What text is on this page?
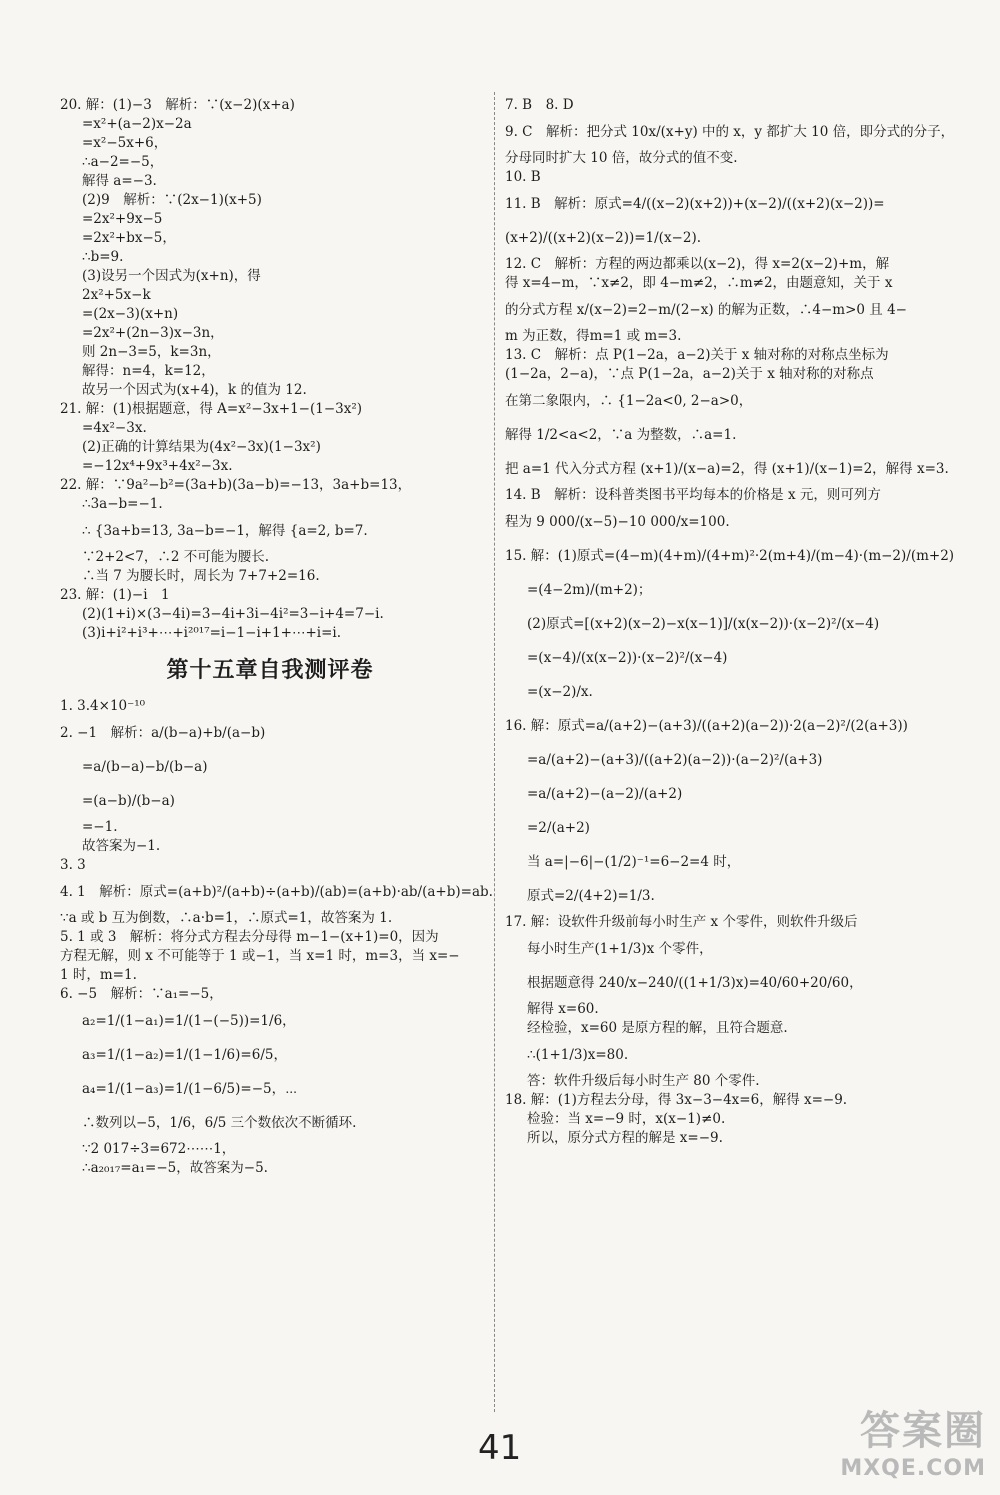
20. 解：(1)−3　解析：∵(x−2)(x+a)
=x²+(a−2)x−2a
=x²−5x+6，
∴a−2=−5，
解得 a=−3.
(2)9　解析：∵(2x−1)(x+5)
=2x²+9x−5
=2x²+bx−5，
∴b=9.
(3)设另一个因式为(x+n)，得
2x²+5x−k
=(2x−3)(x+n)
=2x²+(2n−3)x−3n，
则 2n−3=5，k=3n，
解得：n=4，k=12，
故另一个因式为(x+4)，k 的值为 12.
21. 解：(1)根据题意，得 A=x²−3x+1−(1−3x²)
=4x²−3x.
(2)正确的计算结果为(4x²−3x)(1−3x²)
=−12x⁴+9x³+4x²−3x.
22. 解：∵9a²−b²=(3a+b)(3a−b)=−13，3a+b=13，
∴3a−b=−1.
∴ {3a+b=13, 3a−b=−1，解得 {a=2, b=7.
∵2+2<7，∴2 不可能为腰长.
∴当 7 为腰长时，周长为 7+7+2=16.
23. 解：(1)−i　1
(2)(1+i)×(3−4i)=3−4i+3i−4i²=3−i+4=7−i.
(3)i+i²+i³+⋯+i²⁰¹⁷=i−1−i+1+⋯+i=i.
第十五章自我测评卷
1. 3.4×10⁻¹⁰
2. −1　解析：a/(b−a)+b/(a−b)
=a/(b−a)−b/(b−a)
=(a−b)/(b−a)
=−1.
故答案为−1.
3. 3
4. 1　解析：原式=(a+b)²/(a+b)÷(a+b)/(ab)=(a+b)·ab/(a+b)=ab.
∵a 或 b 互为倒数，∴a·b=1，∴原式=1，故答案为 1.
5. 1 或 3　解析：将分式方程去分母得 m−1−(x+1)=0，因为
方程无解，则 x 不可能等于 1 或−1，当 x=1 时，m=3，当 x=−
1 时，m=1.
6. −5　解析：∵a₁=−5，
a₂=1/(1−a₁)=1/(1−(−5))=1/6，
a₃=1/(1−a₂)=1/(1−1/6)=6/5，
a₄=1/(1−a₃)=1/(1−6/5)=−5，⋯
∴数列以−5，1/6，6/5 三个数依次不断循环.
∵2 017÷3=672⋯⋯1，
∴a₂₀₁₇=a₁=−5，故答案为−5.
7. B　8. D
9. C　解析：把分式 10x/(x+y) 中的 x，y 都扩大 10 倍，即分式的分子，
分母同时扩大 10 倍，故分式的值不变.
10. B
11. B　解析：原式=4/((x−2)(x+2))+(x−2)/((x+2)(x−2))=
(x+2)/((x+2)(x−2))=1/(x−2).
12. C　解析：方程的两边都乘以(x−2)，得 x=2(x−2)+m，解
得 x=4−m，∵x≠2，即 4−m≠2，∴m≠2，由题意知，关于 x
的分式方程 x/(x−2)=2−m/(2−x) 的解为正数，∴4−m>0 且 4−
m 为正数，得m=1 或 m=3.
13. C　解析：点 P(1−2a，a−2)关于 x 轴对称的对称点坐标为
(1−2a，2−a)，∵点 P(1−2a，a−2)关于 x 轴对称的对称点
在第二象限内，∴ {1−2a<0, 2−a>0，
解得 1/2<a<2，∵a 为整数，∴a=1.
把 a=1 代入分式方程 (x+1)/(x−a)=2，得 (x+1)/(x−1)=2，解得 x=3.
14. B　解析：设科普类图书平均每本的价格是 x 元，则可列方
程为 9 000/(x−5)−10 000/x=100.
15. 解：(1)原式=(4−m)(4+m)/(4+m)²·2(m+4)/(m−4)·(m−2)/(m+2)
=(4−2m)/(m+2)；
(2)原式=[(x+2)(x−2)−x(x−1)]/(x(x−2))·(x−2)²/(x−4)
=(x−4)/(x(x−2))·(x−2)²/(x−4)
=(x−2)/x.
16. 解：原式=a/(a+2)−(a+3)/((a+2)(a−2))·2(a−2)²/(2(a+3))
=a/(a+2)−(a+3)/((a+2)(a−2))·(a−2)²/(a+3)
=a/(a+2)−(a−2)/(a+2)
=2/(a+2)
当 a=|−6|−(1/2)⁻¹=6−2=4 时，
原式=2/(4+2)=1/3.
17. 解：设软件升级前每小时生产 x 个零件，则软件升级后
每小时生产(1+1/3)x 个零件，
根据题意得 240/x−240/((1+1/3)x)=40/60+20/60，
解得 x=60.
经检验，x=60 是原方程的解，且符合题意.
∴(1+1/3)x=80.
答：软件升级后每小时生产 80 个零件.
18. 解：(1)方程去分母，得 3x−3−4x=6，解得 x=−9.
检验：当 x=−9 时，x(x−1)≠0.
所以，原分式方程的解是 x=−9.
41	答案圈
MXQE.COM
